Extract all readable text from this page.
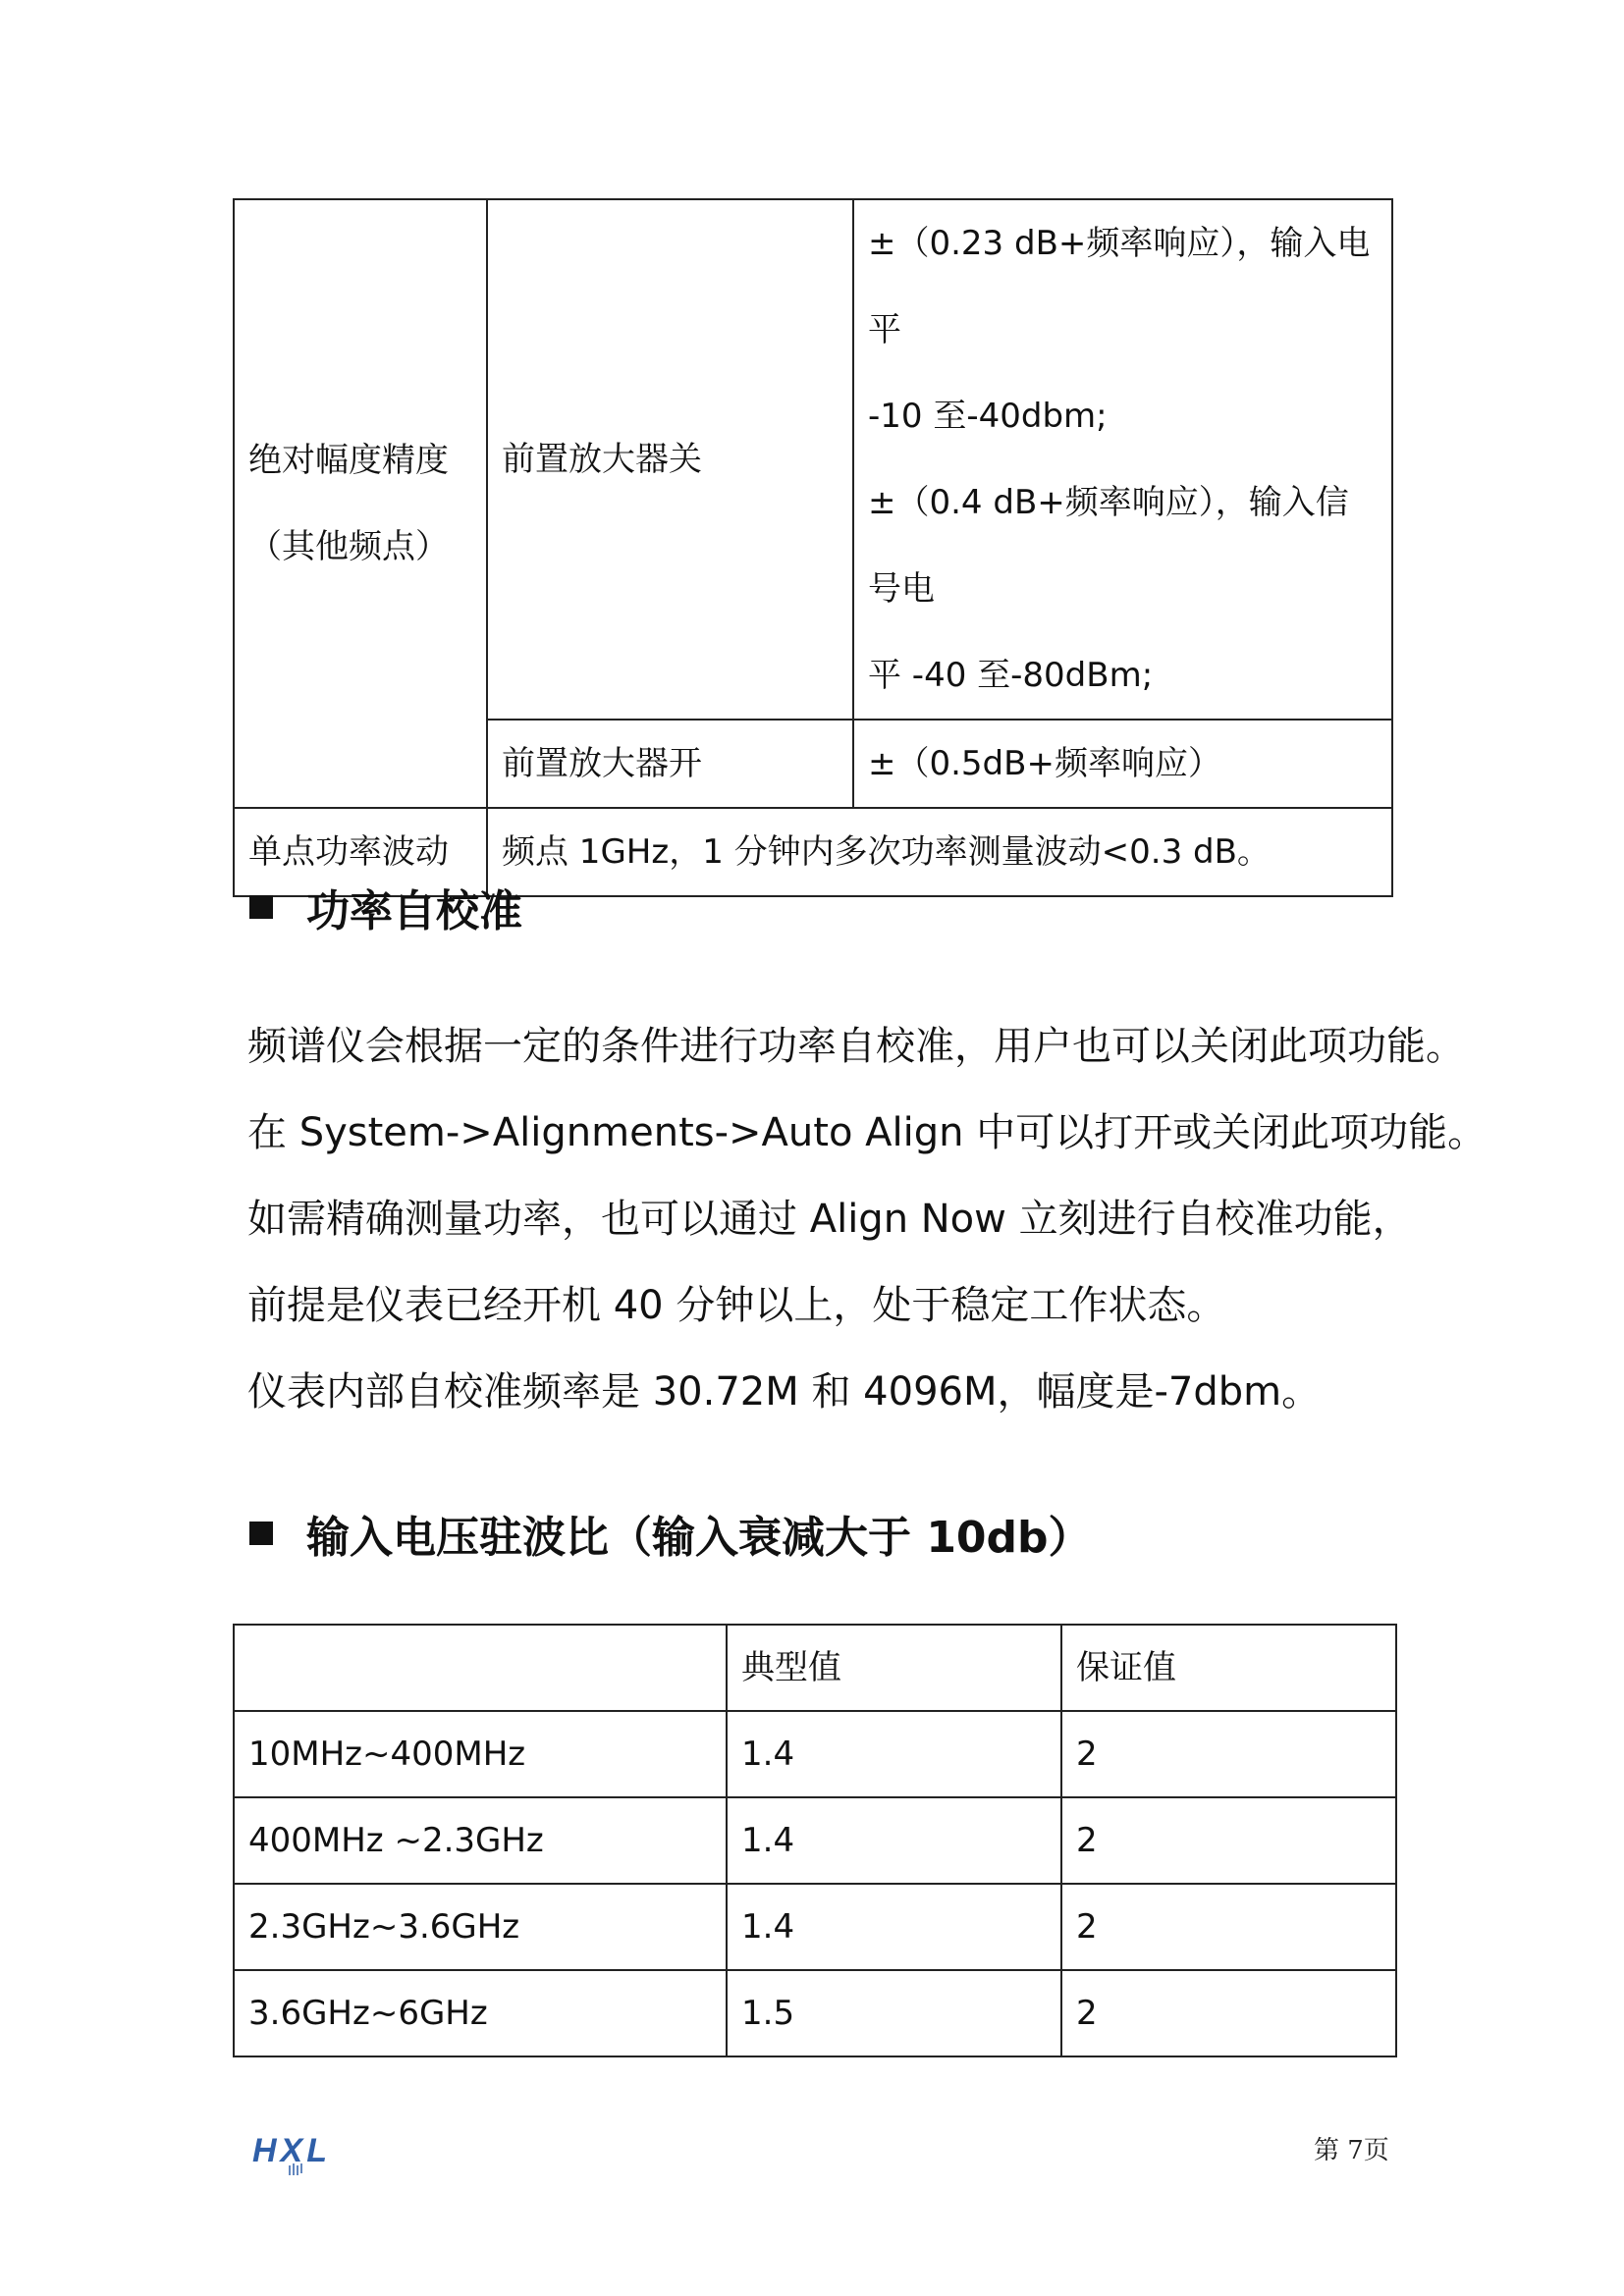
绝对幅度精度
（其他频点）	前置放大器关	±（0.23 dB+频率响应），输入电平
-10 至-40dbm;
±（0.4 dB+频率响应），输入信号电
平 -40 至-80dBm;

	前置放大器开	±（0.5dB+频率响应）
单点功率波动	频点 1GHz，1 分钟内多次功率测量波动<0.3 dB。	
功率自校准

频谱仪会根据一定的条件进行功率自校准，用户也可以关闭此项功能。

在 System->Alignments->Auto Align 中可以打开或关闭此项功能。

如需精确测量功率，也可以通过 Align Now 立刻进行自校准功能，

前提是仪表已经开机 40 分钟以上，处于稳定工作状态。

仪表内部自校准频率是 30.72M 和 4096M，幅度是-7dbm。

输入电压驻波比（输入衰减大于 10db）
	典型值	保证值
10MHz~400MHz	1.4	2
400MHz ~2.3GHz	1.4	2
2.3GHz~3.6GHz	1.4	2
3.6GHz~6GHz	1.5	2
HXL	第 7页
